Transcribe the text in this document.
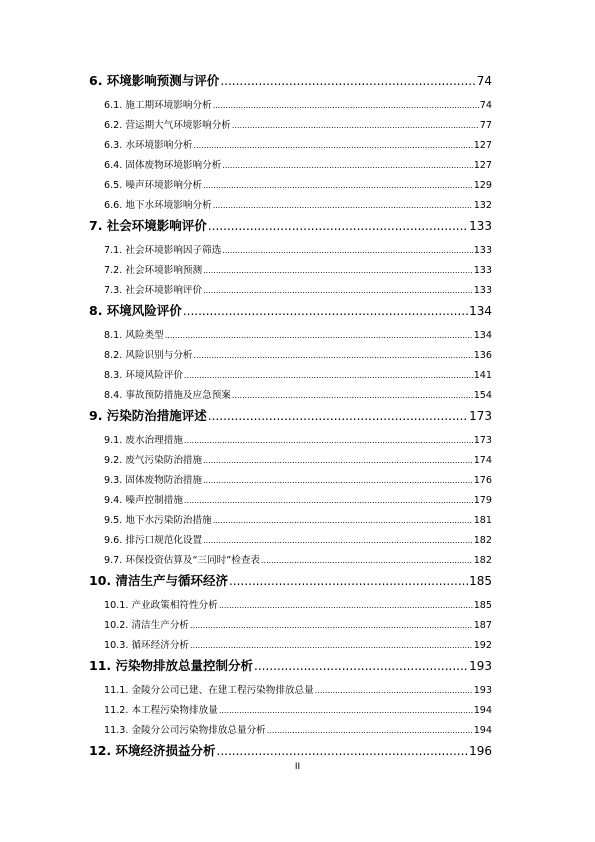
6. 环境影响预测与评价 .....	74
6.1. 施工期环境影响分析 .....	74
6.2. 营运期大气环境影响分析 .....	77
6.3. 水环境影响分析 .....	127
6.4. 固体废物环境影响分析 .....	127
6.5. 噪声环境影响分析 .....	129
6.6. 地下水环境影响分析 .....	132
7. 社会环境影响评价 .....	133
7.1. 社会环境影响因子筛选 .....	133
7.2. 社会环境影响预测 .....	133
7.3. 社会环境影响评价 .....	133
8. 环境风险评价 .....	134
8.1. 风险类型 .....	134
8.2. 风险识别与分析 .....	136
8.3. 环境风险评价 .....	141
8.4. 事故预防措施及应急预案 .....	154
9. 污染防治措施评述 .....	173
9.1. 废水治理措施 .....	173
9.2. 废气污染防治措施 .....	174
9.3. 固体废物防治措施 .....	176
9.4. 噪声控制措施 .....	179
9.5. 地下水污染防治措施 .....	181
9.6. 排污口规范化设置 .....	182
9.7. 环保投资估算及“三同时”检查表 .....	182
10. 清洁生产与循环经济 .....	185
10.1. 产业政策相符性分析 .....	185
10.2. 清洁生产分析 .....	187
10.3. 循环经济分析 .....	192
11. 污染物排放总量控制分析 .....	193
11.1. 金陵分公司已建、在建工程污染物排放总量 .....	193
11.2. 本工程污染物排放量 .....	194
11.3. 金陵分公司污染物排放总量分析 .....	194
12. 环境经济损益分析 .....	196
II
